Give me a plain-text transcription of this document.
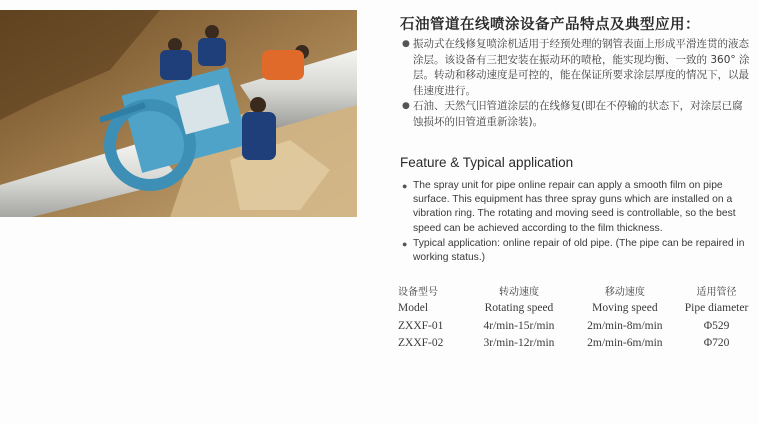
石油管道在线喷涂设备产品特点及典型应用：
● 振动式在线修复喷涂机适用于经预处理的钢管表面上形成平滑连贯的液态涂层。该设备有三把安装在振动环的喷枪，能实现均衡、一致的 360° 涂层。转动和移动速度是可控的，能在保证所要求涂层厚度的情况下，以最佳速度进行。
● 石油、天然气旧管道涂层的在线修复(即在不停输的状态下，对涂层已腐蚀损坏的旧管道重新涂装)。
Feature & Typical application
● The spray unit for pipe online repair can apply a smooth film on pipe surface. This equipment has three spray guns which are installed on a vibration ring. The rotating and moving seed is controllable, so the best speed can be achieved according to the film thickness.
● Typical application: online repair of old pipe. (The pipe can be repaired in working status.)
设备型号	转动速度	移动速度	适用管径
Model	Rotating speed	Moving speed	Pipe diameter
ZXXF-01	4r/min-15r/min	2m/min-8m/min	Φ529
ZXXF-02	3r/min-12r/min	2m/min-6m/min	Φ720
